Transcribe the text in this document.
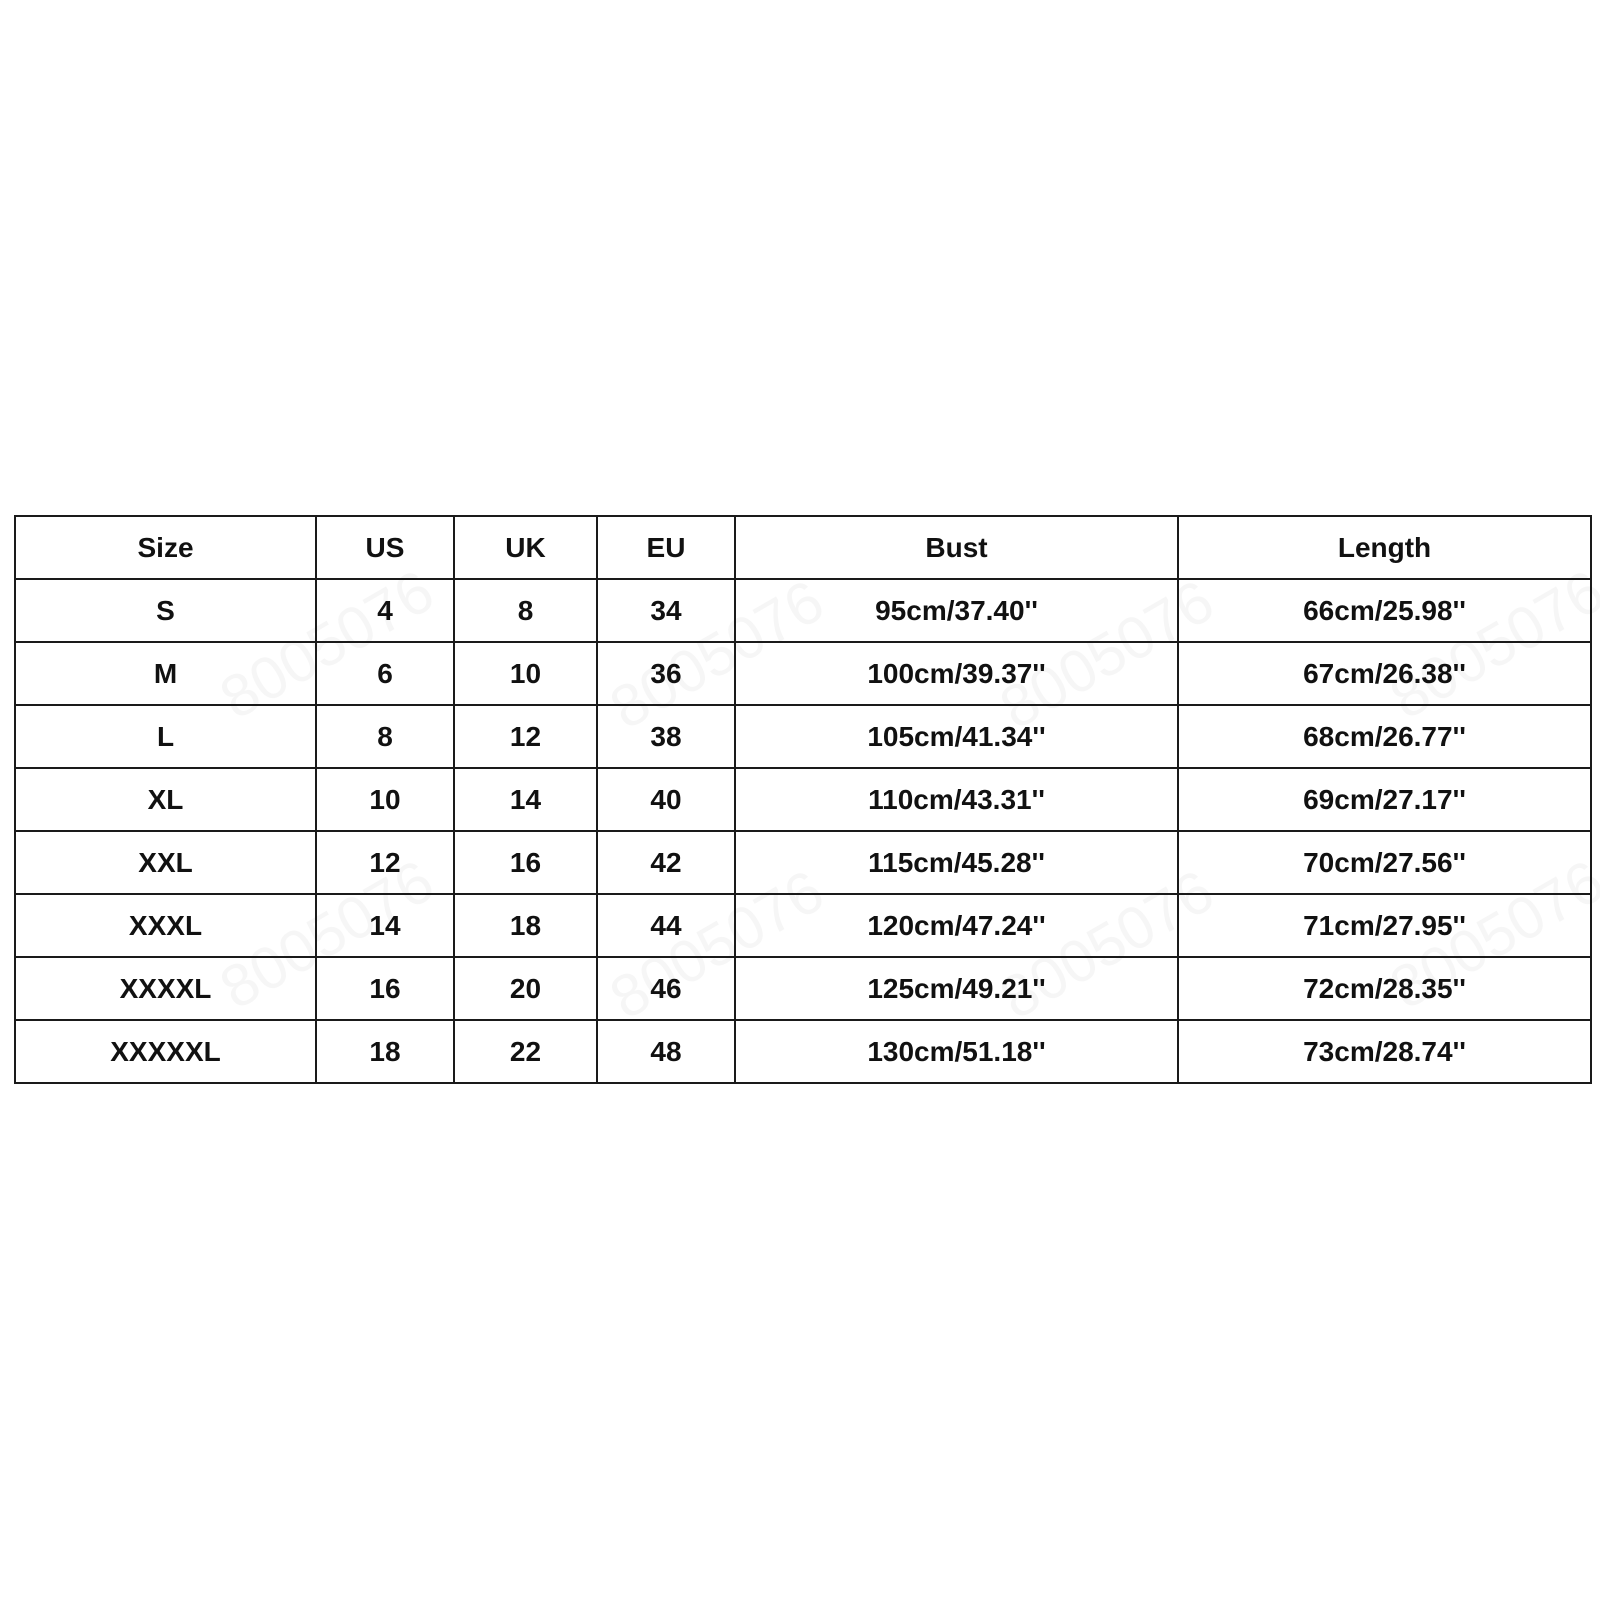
Size	US	UK	EU	Bust	Length
S	4	8	34	95cm/37.40''	66cm/25.98''
M	6	10	36	100cm/39.37''	67cm/26.38''
L	8	12	38	105cm/41.34''	68cm/26.77''
XL	10	14	40	110cm/43.31''	69cm/27.17''
XXL	12	16	42	115cm/45.28''	70cm/27.56''
XXXL	14	18	44	120cm/47.24''	71cm/27.95''
XXXXL	16	20	46	125cm/49.21''	72cm/28.35''
XXXXXL	18	22	48	130cm/51.18''	73cm/28.74''
